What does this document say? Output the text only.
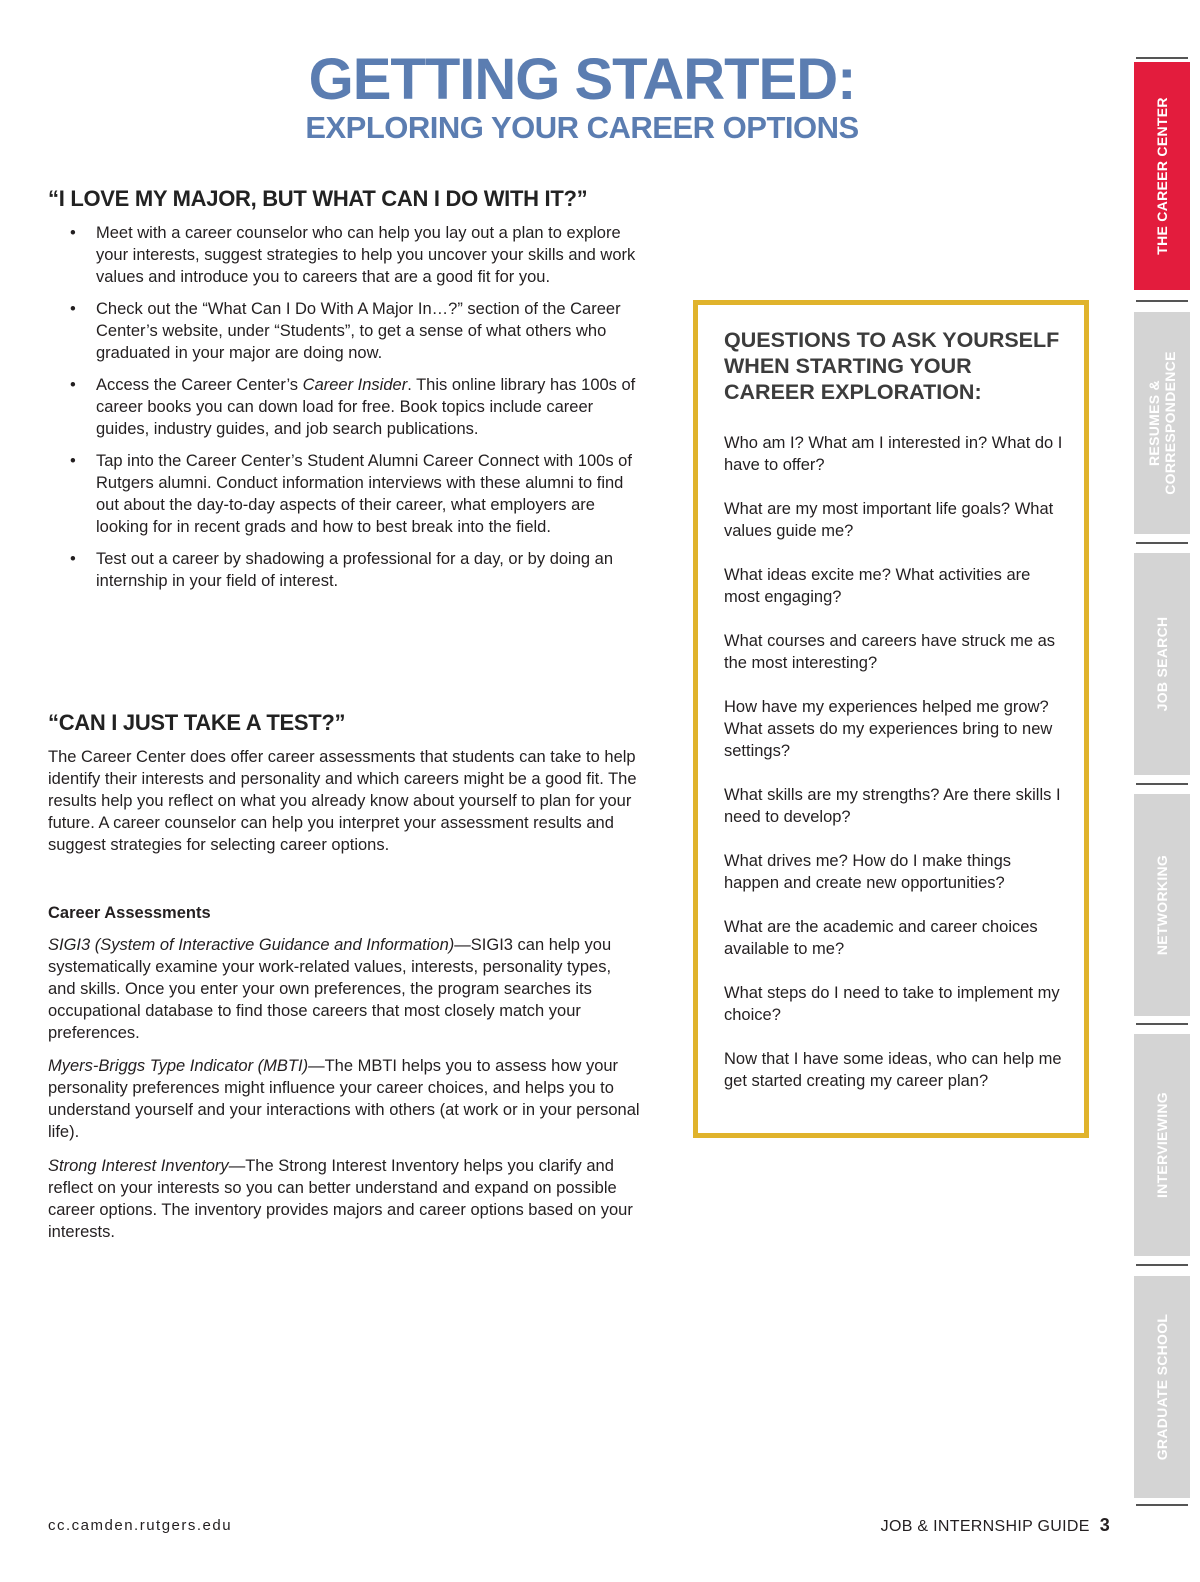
GETTING STARTED:
EXPLORING YOUR CAREER OPTIONS
“I LOVE MY MAJOR, BUT WHAT CAN I DO WITH IT?”
• Meet with a career counselor who can help you lay out a plan to explore your interests, suggest strategies to help you uncover your skills and work values and introduce you to careers that are a good fit for you.
• Check out the “What Can I Do With A Major In…?” section of the Career Center’s website, under “Students”, to get a sense of what others who graduated in your major are doing now.
• Access the Career Center’s Career Insider. This online library has 100s of career books you can down load for free. Book topics include career guides, industry guides, and job search publications.
• Tap into the Career Center’s Student Alumni Career Connect with 100s of Rutgers alumni. Conduct information interviews with these alumni to find out about the day-to-day aspects of their career, what employers are looking for in recent grads and how to best break into the field.
• Test out a career by shadowing a professional for a day, or by doing an internship in your field of interest.
“CAN I JUST TAKE A TEST?”

The Career Center does offer career assessments that students can take to help identify their interests and personality and which careers might be a good fit. The results help you reflect on what you already know about yourself to plan for your future. A career counselor can help you interpret your assessment results and suggest strategies for selecting career options.

Career Assessments

SIGI3 (System of Interactive Guidance and Information)—SIGI3 can help you systematically examine your work-related values, interests, personality types, and skills. Once you enter your own preferences, the program searches its occupational database to find those careers that most closely match your preferences.

Myers-Briggs Type Indicator (MBTI)—The MBTI helps you to assess how your personality preferences might influence your career choices, and helps you to understand yourself and your interactions with others (at work or in your personal life).

Strong Interest Inventory—The Strong Interest Inventory helps you clarify and reflect on your interests so you can better understand and expand on possible career options. The inventory provides majors and career options based on your interests.

QUESTIONS TO ASK YOURSELF WHEN STARTING YOUR CAREER EXPLORATION:
Who am I? What am I interested in? What do I have to offer?
What are my most important life goals? What values guide me?
What ideas excite me? What activities are most engaging?
What courses and careers have struck me as the most interesting?
How have my experiences helped me grow? What assets do my experiences bring to new settings?
What skills are my strengths? Are there skills I need to develop?
What drives me? How do I make things happen and create new opportunities?
What are the academic and career choices available to me?
What steps do I need to take to implement my choice?
Now that I have some ideas, who can help me get started creating my career plan?
THE CAREER CENTER
RESUMES &
CORRESPONDENCE
JOB SEARCH
NETWORKING
INTERVIEWING
GRADUATE SCHOOL
cc.camden.rutgers.edu	JOB & INTERNSHIP GUIDE 3
